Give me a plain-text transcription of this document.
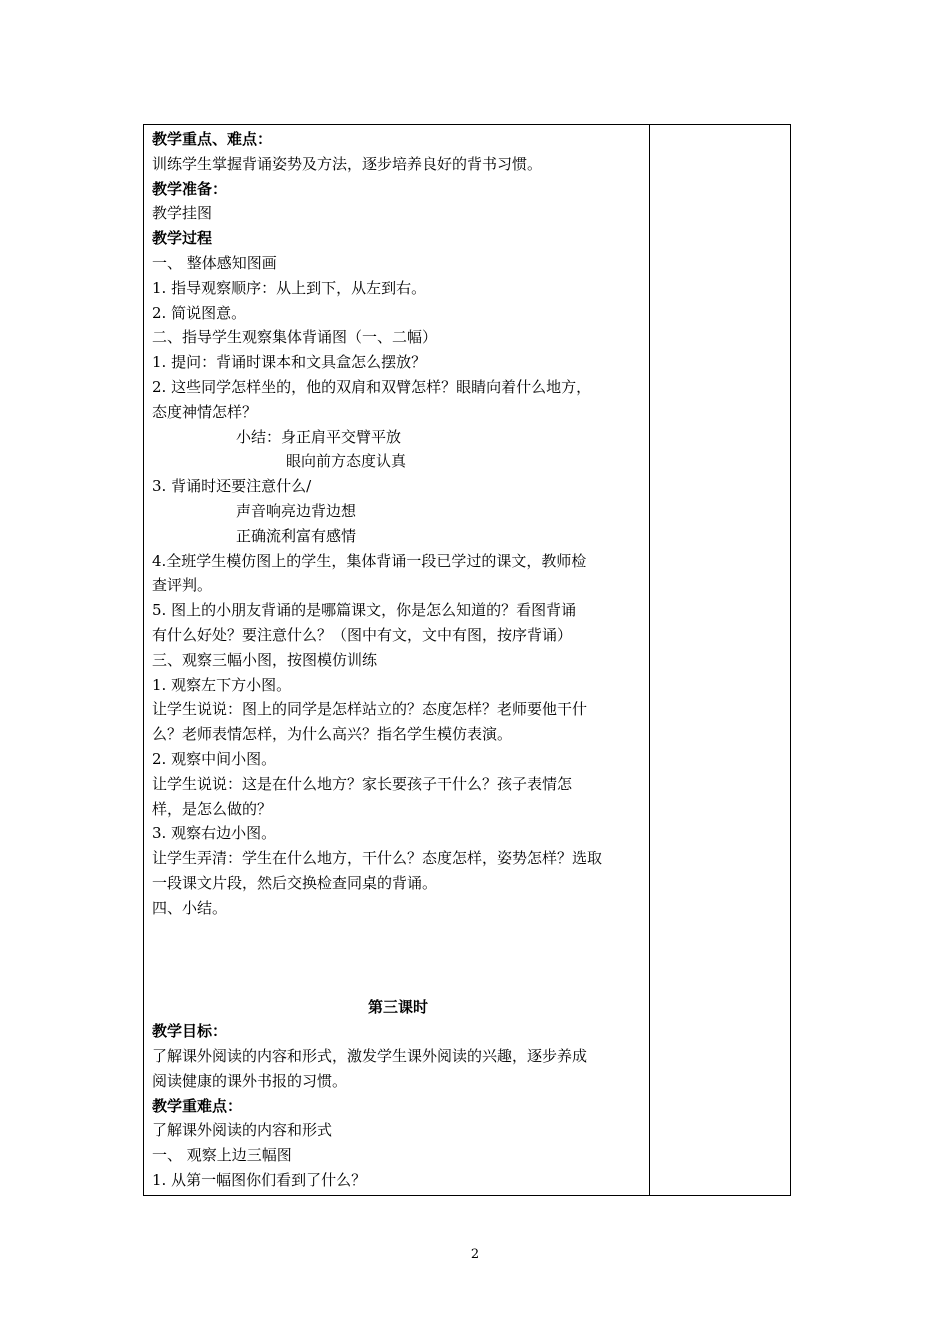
教学重点、难点：
训练学生掌握背诵姿势及方法，逐步培养良好的背书习惯。
教学准备：
教学挂图
教学过程
一、 整体感知图画
1. 指导观察顺序：从上到下，从左到右。
2. 简说图意。
二、指导学生观察集体背诵图（一、二幅）
1. 提问：背诵时课本和文具盒怎么摆放？
2. 这些同学怎样坐的，他的双肩和双臂怎样？眼睛向着什么地方，
态度神情怎样？
小结：身正肩平交臂平放
眼向前方态度认真
3. 背诵时还要注意什么/
声音响亮边背边想
正确流利富有感情
4.全班学生模仿图上的学生，集体背诵一段已学过的课文，教师检
查评判。
5. 图上的小朋友背诵的是哪篇课文，你是怎么知道的？看图背诵
有什么好处？要注意什么？（图中有文，文中有图，按序背诵）
三、观察三幅小图，按图模仿训练
1. 观察左下方小图。
让学生说说：图上的同学是怎样站立的？态度怎样？老师要他干什
么？老师表情怎样，为什么高兴？指名学生模仿表演。
2. 观察中间小图。
让学生说说：这是在什么地方？家长要孩子干什么？孩子表情怎
样，是怎么做的？
3. 观察右边小图。
让学生弄清：学生在什么地方，干什么？态度怎样，姿势怎样？选取
一段课文片段，然后交换检查同桌的背诵。
四、小结。
第三课时
教学目标：
了解课外阅读的内容和形式，激发学生课外阅读的兴趣，逐步养成
阅读健康的课外书报的习惯。
教学重难点：
了解课外阅读的内容和形式
一、 观察上边三幅图
1. 从第一幅图你们看到了什么？
2
